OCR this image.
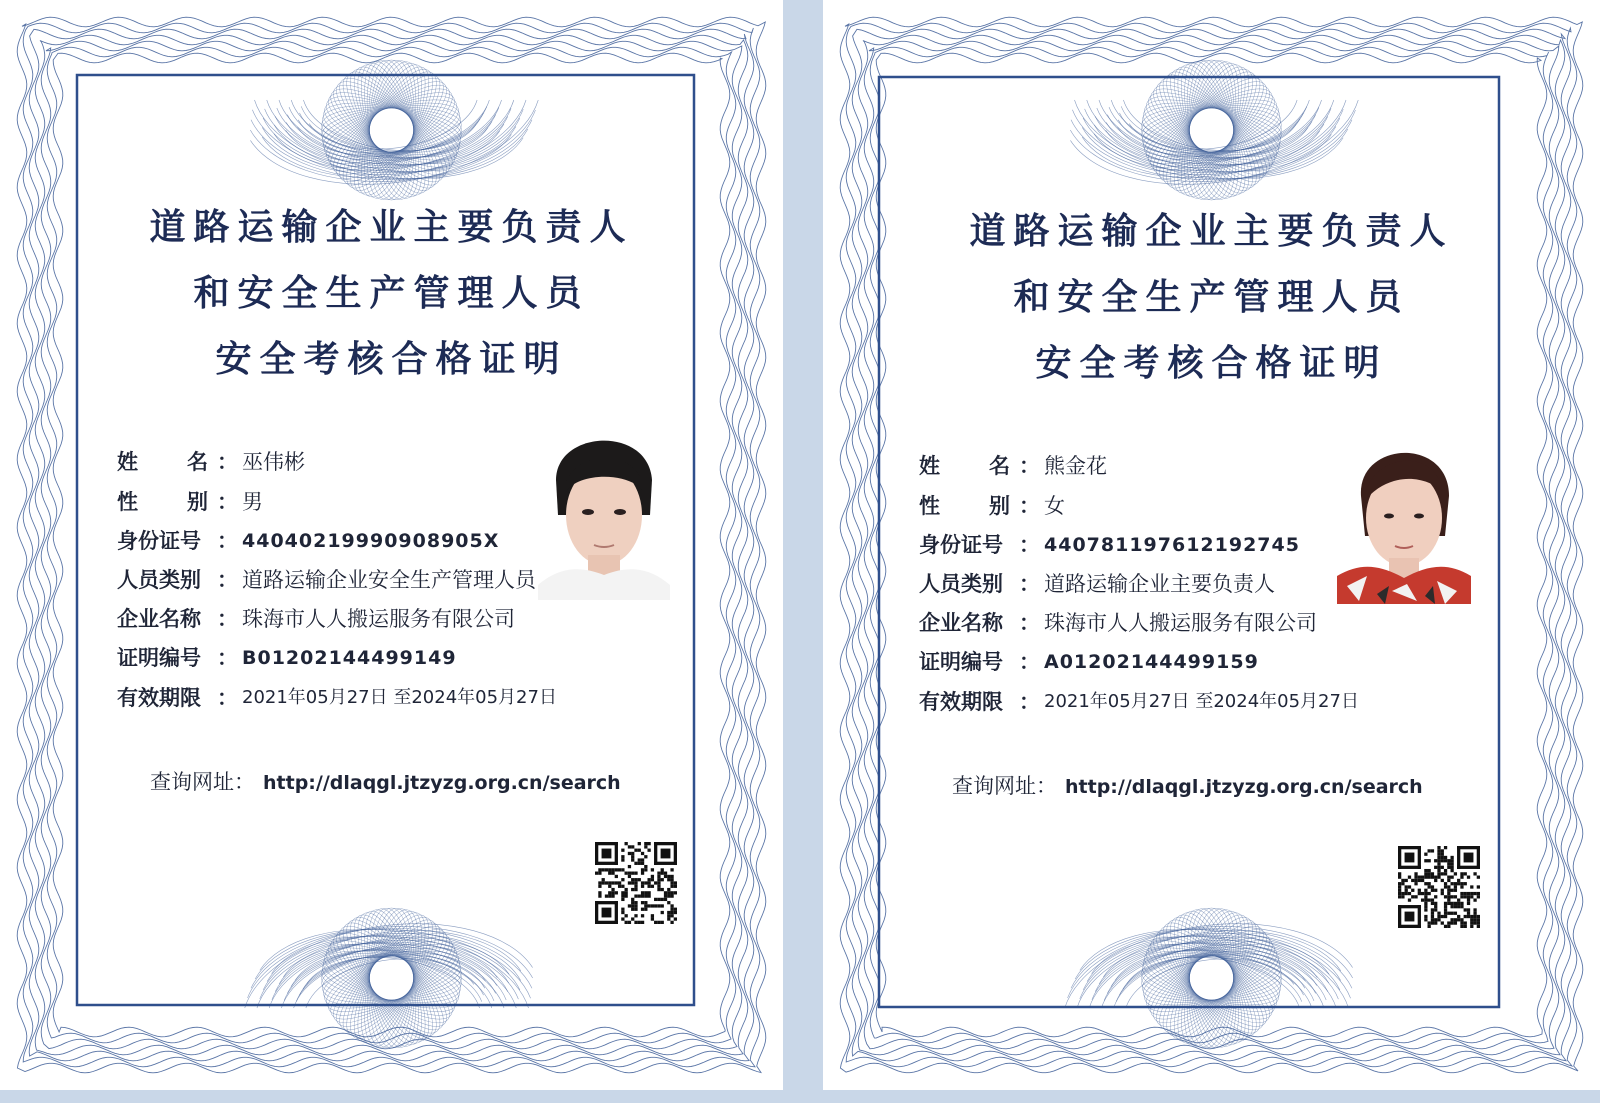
道路运输企业主要负责人
和安全生产管理人员
安全考核合格证明
姓 名 ： 巫伟彬
性 别 ： 男
身份证号 ： 44040219990908905X
人员类别 ： 道路运输企业安全生产管理人员
企业名称 ： 珠海市人人搬运服务有限公司
证明编号 ： B01202144499149
有效期限 ： 2021年05月27日 至2024年05月27日
查询网址： http://dlaqgl.jtzyzg.org.cn/search
道路运输企业主要负责人
和安全生产管理人员
安全考核合格证明
姓 名 ： 熊金花
性 别 ： 女
身份证号 ： 440781197612192745
人员类别 ： 道路运输企业主要负责人
企业名称 ： 珠海市人人搬运服务有限公司
证明编号 ： A01202144499159
有效期限 ： 2021年05月27日 至2024年05月27日
查询网址： http://dlaqgl.jtzyzg.org.cn/search
